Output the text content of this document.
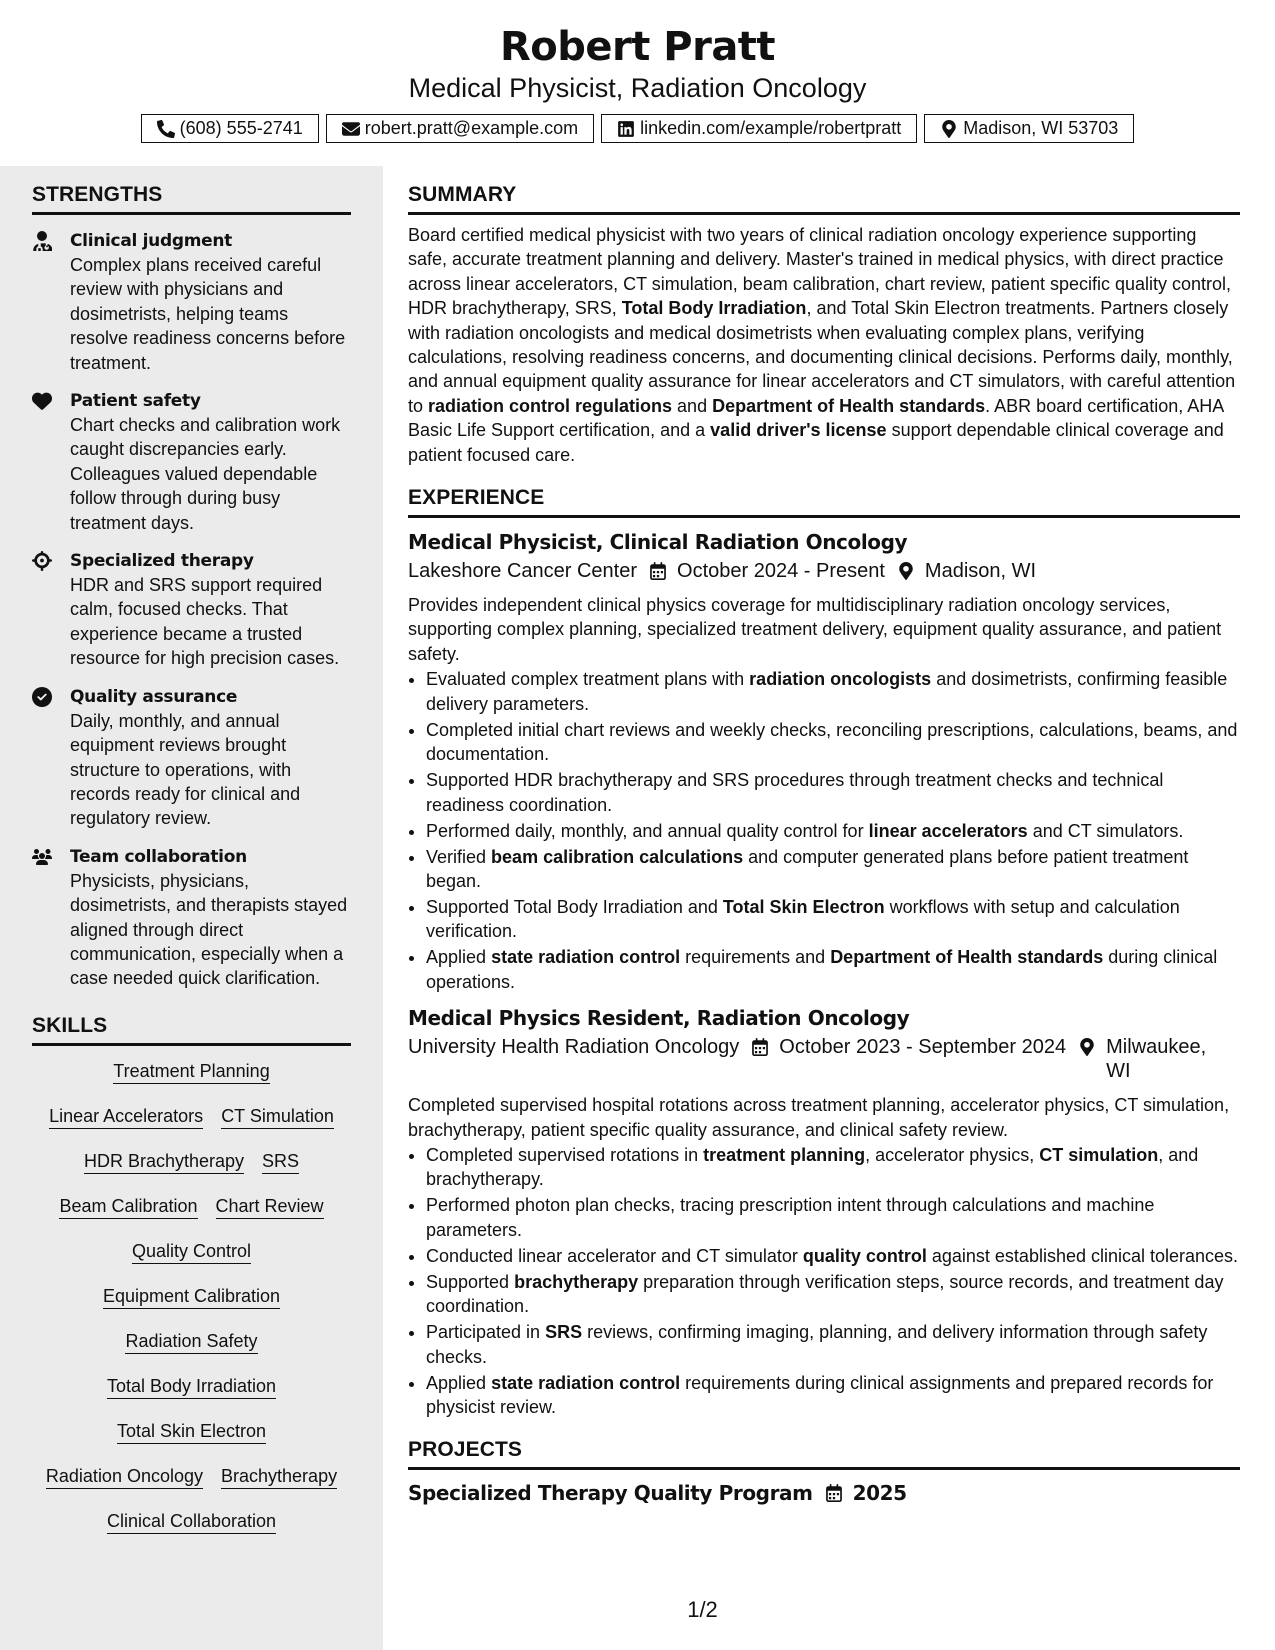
Robert Pratt
Medical Physicist, Radiation Oncology
(608) 555-2741	robert.pratt@example.com	linkedin.com/example/robertpratt	Madison, WI 53703
STRENGTHS
Clinical judgment
Complex plans received careful review with physicians and dosimetrists, helping teams resolve readiness concerns before treatment.
Patient safety
Chart checks and calibration work caught discrepancies early. Colleagues valued dependable follow through during busy treatment days.
Specialized therapy
HDR and SRS support required calm, focused checks. That experience became a trusted resource for high precision cases.
Quality assurance
Daily, monthly, and annual equipment reviews brought structure to operations, with records ready for clinical and regulatory review.
Team collaboration
Physicists, physicians, dosimetrists, and therapists stayed aligned through direct communication, especially when a case needed quick clarification.
SKILLS
Treatment Planning
Linear Accelerators CT Simulation
HDR Brachytherapy SRS
Beam Calibration Chart Review
Quality Control
Equipment Calibration
Radiation Safety
Total Body Irradiation
Total Skin Electron
Radiation Oncology Brachytherapy
Clinical Collaboration
SUMMARY
Board certified medical physicist with two years of clinical radiation oncology experience supporting safe, accurate treatment planning and delivery. Master's trained in medical physics, with direct practice across linear accelerators, CT simulation, beam calibration, chart review, patient specific quality control, HDR brachytherapy, SRS, Total Body Irradiation, and Total Skin Electron treatments. Partners closely with radiation oncologists and medical dosimetrists when evaluating complex plans, verifying calculations, resolving readiness concerns, and documenting clinical decisions. Performs daily, monthly, and annual equipment quality assurance for linear accelerators and CT simulators, with careful attention to radiation control regulations and Department of Health standards. ABR board certification, AHA Basic Life Support certification, and a valid driver's license support dependable clinical coverage and patient focused care.
EXPERIENCE
Medical Physicist, Clinical Radiation Oncology
Lakeshore Cancer Center October 2024 - Present Madison, WI
Provides independent clinical physics coverage for multidisciplinary radiation oncology services, supporting complex planning, specialized treatment delivery, equipment quality assurance, and patient safety.
• Evaluated complex treatment plans with radiation oncologists and dosimetrists, confirming feasible delivery parameters.
• Completed initial chart reviews and weekly checks, reconciling prescriptions, calculations, beams, and documentation.
• Supported HDR brachytherapy and SRS procedures through treatment checks and technical readiness coordination.
• Performed daily, monthly, and annual quality control for linear accelerators and CT simulators.
• Verified beam calibration calculations and computer generated plans before patient treatment began.
• Supported Total Body Irradiation and Total Skin Electron workflows with setup and calculation verification.
• Applied state radiation control requirements and Department of Health standards during clinical operations.
Medical Physics Resident, Radiation Oncology
University Health Radiation Oncology October 2023 - September 2024 Milwaukee, WI
Completed supervised hospital rotations across treatment planning, accelerator physics, CT simulation, brachytherapy, patient specific quality assurance, and clinical safety review.
• Completed supervised rotations in treatment planning, accelerator physics, CT simulation, and brachytherapy.
• Performed photon plan checks, tracing prescription intent through calculations and machine parameters.
• Conducted linear accelerator and CT simulator quality control against established clinical tolerances.
• Supported brachytherapy preparation through verification steps, source records, and treatment day coordination.
• Participated in SRS reviews, confirming imaging, planning, and delivery information through safety checks.
• Applied state radiation control requirements during clinical assignments and prepared records for physicist review.
PROJECTS
Specialized Therapy Quality Program 2025
1/2
